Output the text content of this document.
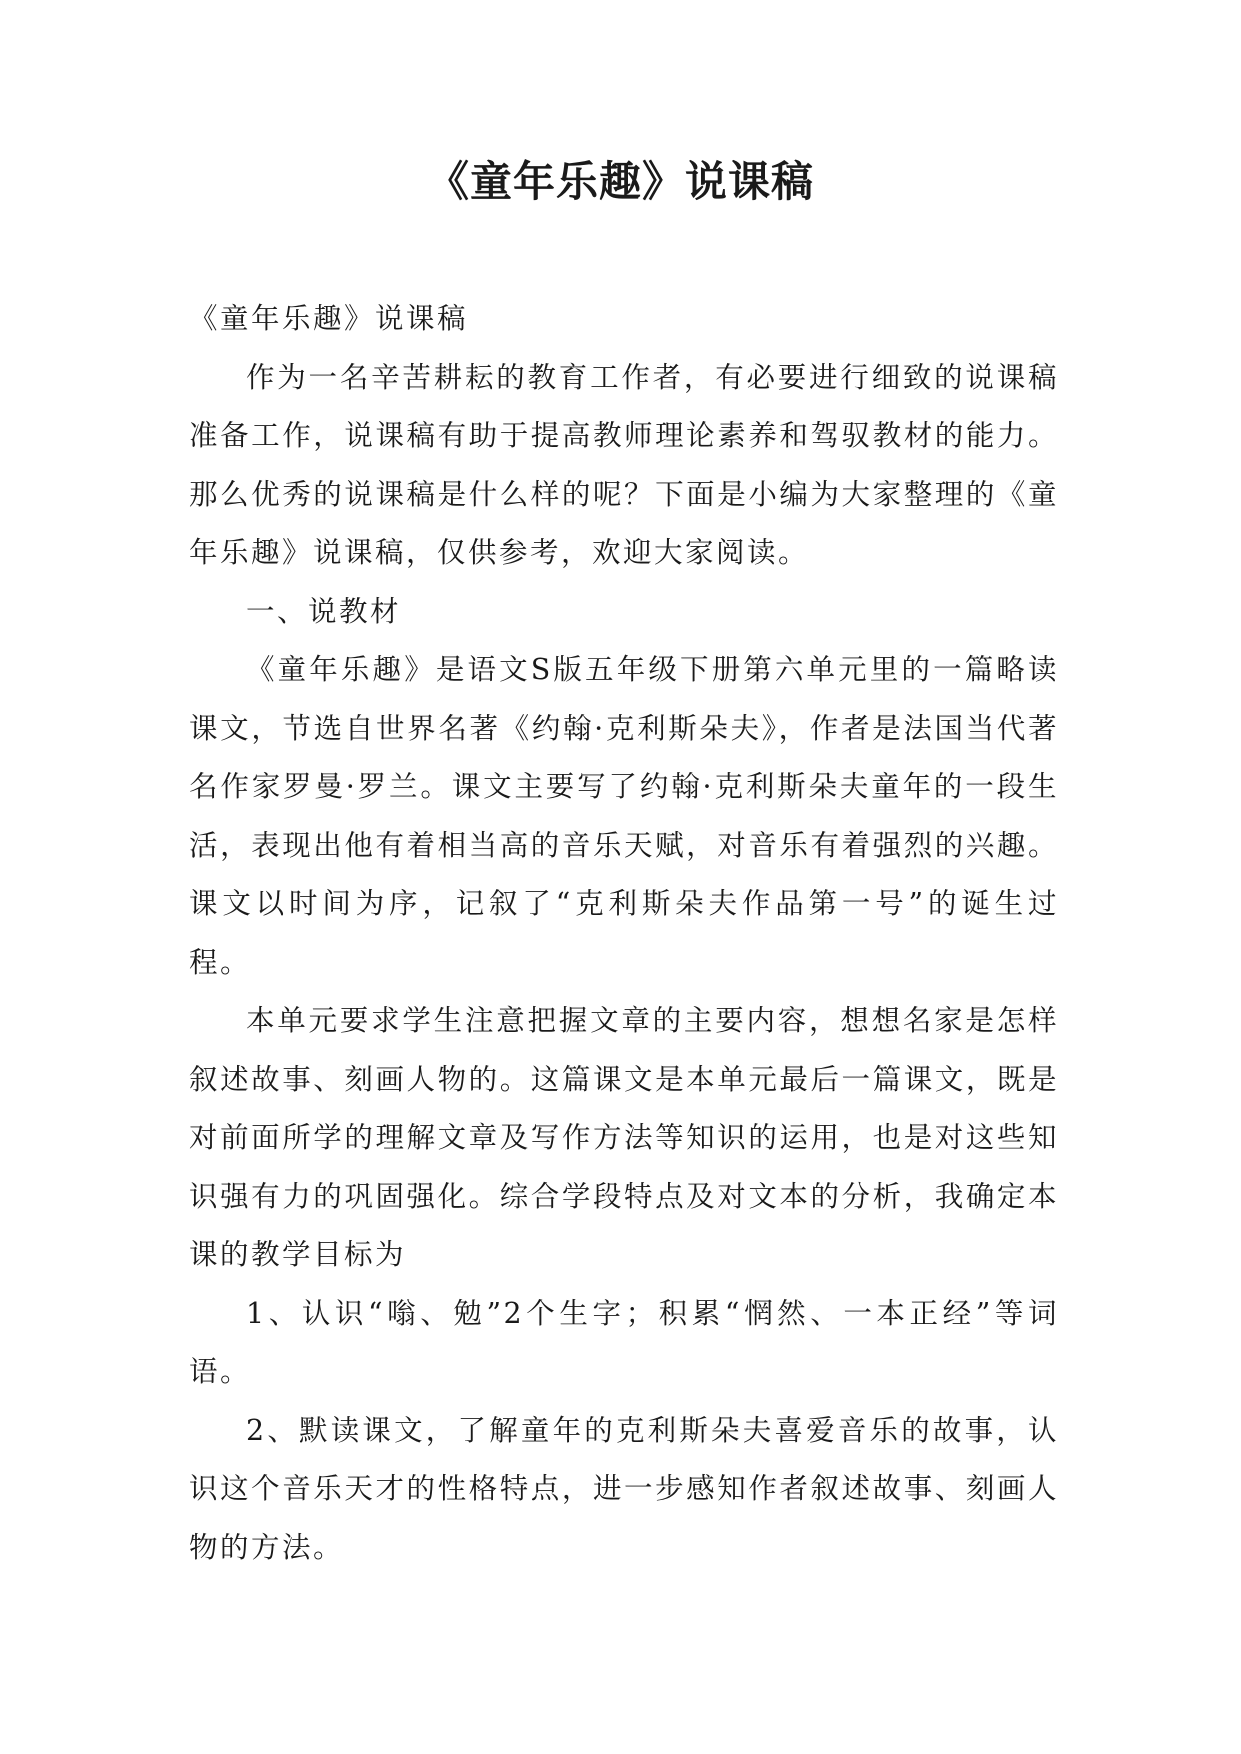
《童年乐趣》说课稿

《童年乐趣》说课稿

作为一名辛苦耕耘的教育工作者，有必要进行细致的说课稿准备工作，说课稿有助于提高教师理论素养和驾驭教材的能力。那么优秀的说课稿是什么样的呢？下面是小编为大家整理的《童年乐趣》说课稿，仅供参考，欢迎大家阅读。

一、说教材

《童年乐趣》是语文S版五年级下册第六单元里的一篇略读课文，节选自世界名著《约翰·克利斯朵夫》，作者是法国当代著名作家罗曼·罗兰。课文主要写了约翰·克利斯朵夫童年的一段生活，表现出他有着相当高的音乐天赋，对音乐有着强烈的兴趣。课文以时间为序，记叙了“克利斯朵夫作品第一号”的诞生过程。

本单元要求学生注意把握文章的主要内容，想想名家是怎样叙述故事、刻画人物的。这篇课文是本单元最后一篇课文，既是对前面所学的理解文章及写作方法等知识的运用，也是对这些知识强有力的巩固强化。综合学段特点及对文本的分析，我确定本课的教学目标为

1、认识“嗡、勉”2个生字；积累“惘然、一本正经”等词语。

2、默读课文，了解童年的克利斯朵夫喜爱音乐的故事，认识这个音乐天才的性格特点，进一步感知作者叙述故事、刻画人物的方法。
